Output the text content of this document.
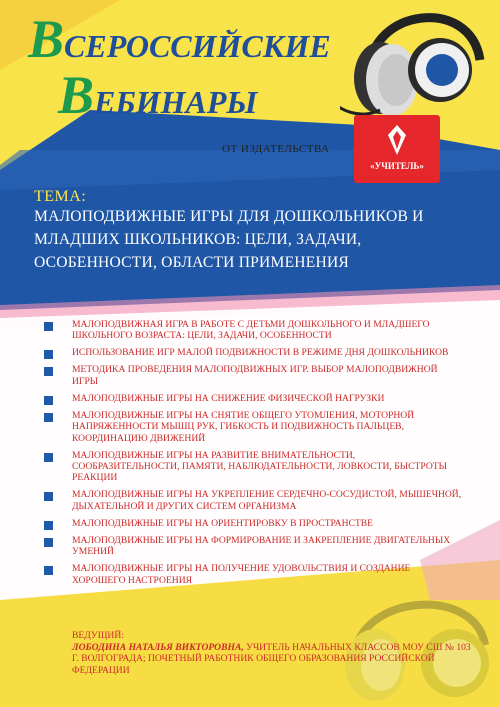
ВСЕРОССИЙСКИЕ
ВЕБИНАРЫ
ОТ ИЗДАТЕЛЬСТВА
«УЧИТЕЛЬ»
ТЕМА:
МАЛОПОДВИЖНЫЕ ИГРЫ ДЛЯ ДОШКОЛЬНИКОВ И МЛАДШИХ ШКОЛЬНИКОВ: ЦЕЛИ, ЗАДАЧИ, ОСОБЕННОСТИ, ОБЛАСТИ ПРИМЕНЕНИЯ
МАЛОПОДВИЖНАЯ ИГРА В РАБОТЕ С ДЕТЬМИ ДОШКОЛЬНОГО И МЛАДШЕГО ШКОЛЬНОГО ВОЗРАСТА: ЦЕЛИ, ЗАДАЧИ, ОСОБЕННОСТИ
ИСПОЛЬЗОВАНИЕ ИГР МАЛОЙ ПОДВИЖНОСТИ В РЕЖИМЕ ДНЯ ДОШКОЛЬНИКОВ
МЕТОДИКА ПРОВЕДЕНИЯ МАЛОПОДВИЖНЫХ ИГР. ВЫБОР МАЛОПОДВИЖНОЙ ИГРЫ
МАЛОПОДВИЖНЫЕ ИГРЫ НА СНИЖЕНИЕ ФИЗИЧЕСКОЙ НАГРУЗКИ
МАЛОПОДВИЖНЫЕ ИГРЫ НА СНЯТИЕ ОБЩЕГО УТОМЛЕНИЯ, МОТОРНОЙ НАПРЯЖЕННОСТИ МЫШЦ РУК, ГИБКОСТЬ И ПОДВИЖНОСТЬ ПАЛЬЦЕВ, КООРДИНАЦИЮ ДВИЖЕНИЙ
МАЛОПОДВИЖНЫЕ ИГРЫ НА РАЗВИТИЕ ВНИМАТЕЛЬНОСТИ, СООБРАЗИТЕЛЬНОСТИ, ПАМЯТИ, НАБЛЮДАТЕЛЬНОСТИ, ЛОВКОСТИ, БЫСТРОТЫ РЕАКЦИИ
МАЛОПОДВИЖНЫЕ ИГРЫ НА УКРЕПЛЕНИЕ СЕРДЕЧНО-СОСУДИСТОЙ, МЫШЕЧНОЙ, ДЫХАТЕЛЬНОЙ И ДРУГИХ СИСТЕМ ОРГАНИЗМА
МАЛОПОДВИЖНЫЕ ИГРЫ НА ОРИЕНТИРОВКУ В ПРОСТРАНСТВЕ
МАЛОПОДВИЖНЫЕ ИГРЫ НА ФОРМИРОВАНИЕ И ЗАКРЕПЛЕНИЕ ДВИГАТЕЛЬНЫХ УМЕНИЙ
МАЛОПОДВИЖНЫЕ ИГРЫ НА ПОЛУЧЕНИЕ УДОВОЛЬСТВИЯ И СОЗДАНИЕ ХОРОШЕГО НАСТРОЕНИЯ
ВЕДУЩИЙ:
ЛОБОДИНА НАТАЛЬЯ ВИКТОРОВНА, УЧИТЕЛЬ НАЧАЛЬНЫХ КЛАССОВ МОУ СШ № 103 Г. ВОЛГОГРАДА; ПОЧЕТНЫЙ РАБОТНИК ОБЩЕГО ОБРАЗОВАНИЯ РОССИЙСКОЙ ФЕДЕРАЦИИ
